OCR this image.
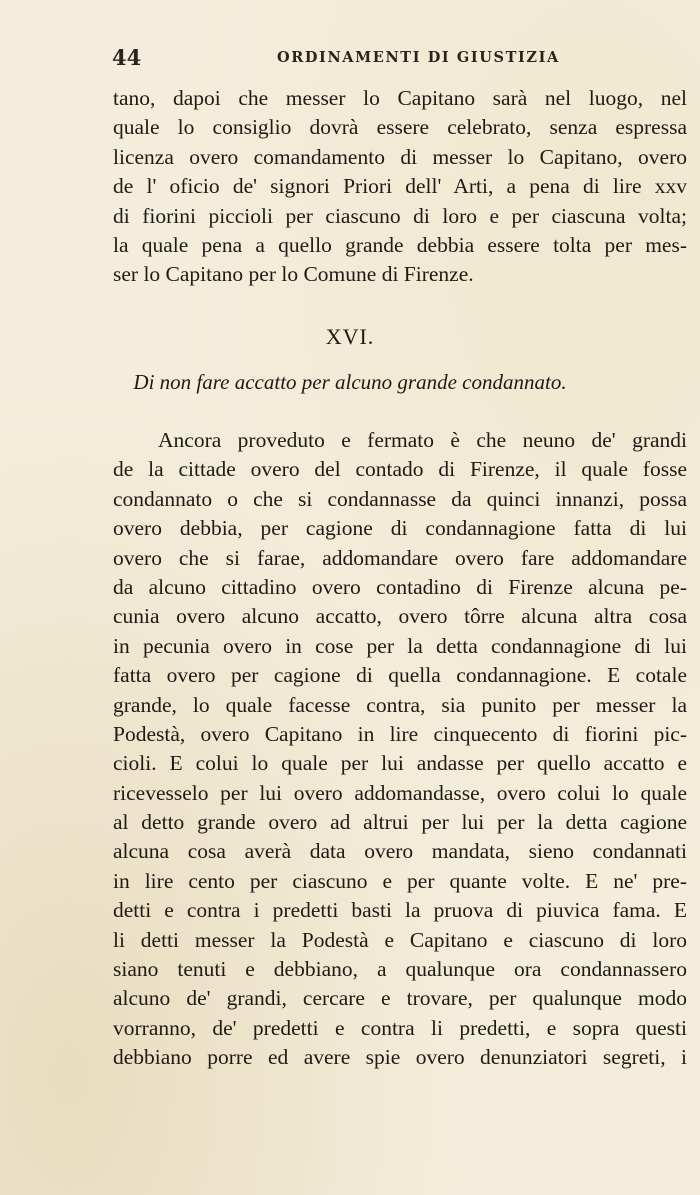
44	ORDINAMENTI DI GIUSTIZIA
tano, dapoi che messer lo Capitano sarà nel luogo, nel
quale lo consiglio dovrà essere celebrato, senza espressa
licenza overo comandamento di messer lo Capitano, overo
de l' oficio de' signori Priori dell' Arti, a pena di lire xxv
di fiorini piccioli per ciascuno di loro e per ciascuna volta;
la quale pena a quello grande debbia essere tolta per mes-
ser lo Capitano per lo Comune di Firenze.
XVI.
Di non fare accatto per alcuno grande condannato.
Ancora proveduto e fermato è che neuno de' grandi
de la cittade overo del contado di Firenze, il quale fosse
condannato o che si condannasse da quinci innanzi, possa
overo debbia, per cagione di condannagione fatta di lui
overo che si farae, addomandare overo fare addomandare
da alcuno cittadino overo contadino di Firenze alcuna pe-
cunia overo alcuno accatto, overo tôrre alcuna altra cosa
in pecunia overo in cose per la detta condannagione di lui
fatta overo per cagione di quella condannagione. E cotale
grande, lo quale facesse contra, sia punito per messer la
Podestà, overo Capitano in lire cinquecento di fiorini pic-
cioli. E colui lo quale per lui andasse per quello accatto e
ricevesselo per lui overo addomandasse, overo colui lo quale
al detto grande overo ad altrui per lui per la detta cagione
alcuna cosa averà data overo mandata, sieno condannati
in lire cento per ciascuno e per quante volte. E ne' pre-
detti e contra i predetti basti la pruova di piuvica fama. E
li detti messer la Podestà e Capitano e ciascuno di loro
siano tenuti e debbiano, a qualunque ora condannassero
alcuno de' grandi, cercare e trovare, per qualunque modo
vorranno, de' predetti e contra li predetti, e sopra questi
debbiano porre ed avere spie overo denunziatori segreti, i
